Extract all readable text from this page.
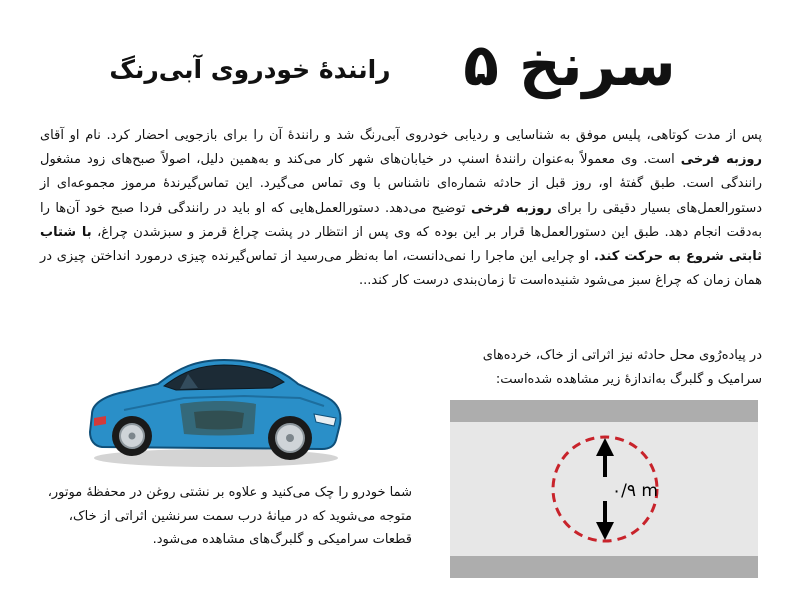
سرنخ ۵
رانندهٔ خودروی آبی‌رنگ
پس از مدت کوتاهی، پلیس موفق به شناسایی و ردیابی خودروی آبی‌رنگ شد و رانندهٔ آن را برای بازجویی احضار کرد. نام او آقای روزبه فرخی است. وی معمولاً به‌عنوان رانندهٔ اسنپ در خیابان‌های شهر کار می‌کند و به‌همین دلیل، اصولاً صبح‌های زود مشغول رانندگی است. طبق گفتهٔ او، روز قبل از حادثه شماره‌ای ناشناس با وی تماس می‌گیرد. این تماس‌گیرندهٔ مرموز مجموعه‌ای از دستورالعمل‌های بسیار دقیقی را برای روزبه فرخی توضیح می‌دهد. دستورالعمل‌هایی که او باید در رانندگی فردا صبح خود آن‌ها را به‌دقت انجام دهد. طبق این دستورالعمل‌ها قرار بر این بوده که وی پس از انتظار در پشت چراغ قرمز و سبزشدن چراغ، با شتاب ثابتی شروع به حرکت کند. او چرایی این ماجرا را نمی‌دانست، اما به‌نظر می‌رسید از تماس‌گیرنده چیزی درمورد انداختن چیزی در همان زمان که چراغ سبز می‌شود شنیده‌است تا زمان‌بندی درست کار کند...
در پیاده‌رُوی محل حادثه نیز اثراتی از خاک، خرده‌های سرامیک و گلبرگ به‌اندازهٔ زیر مشاهده شده‌است:
شما خودرو را چک می‌کنید و علاوه بر نشتی روغن در محفظهٔ موتور، متوجه می‌شوید که در میانهٔ درب سمت سرنشین اثراتی از خاک، قطعات سرامیکی و گلبرگ‌های مشاهده می‌شود.
۰/۹ m
